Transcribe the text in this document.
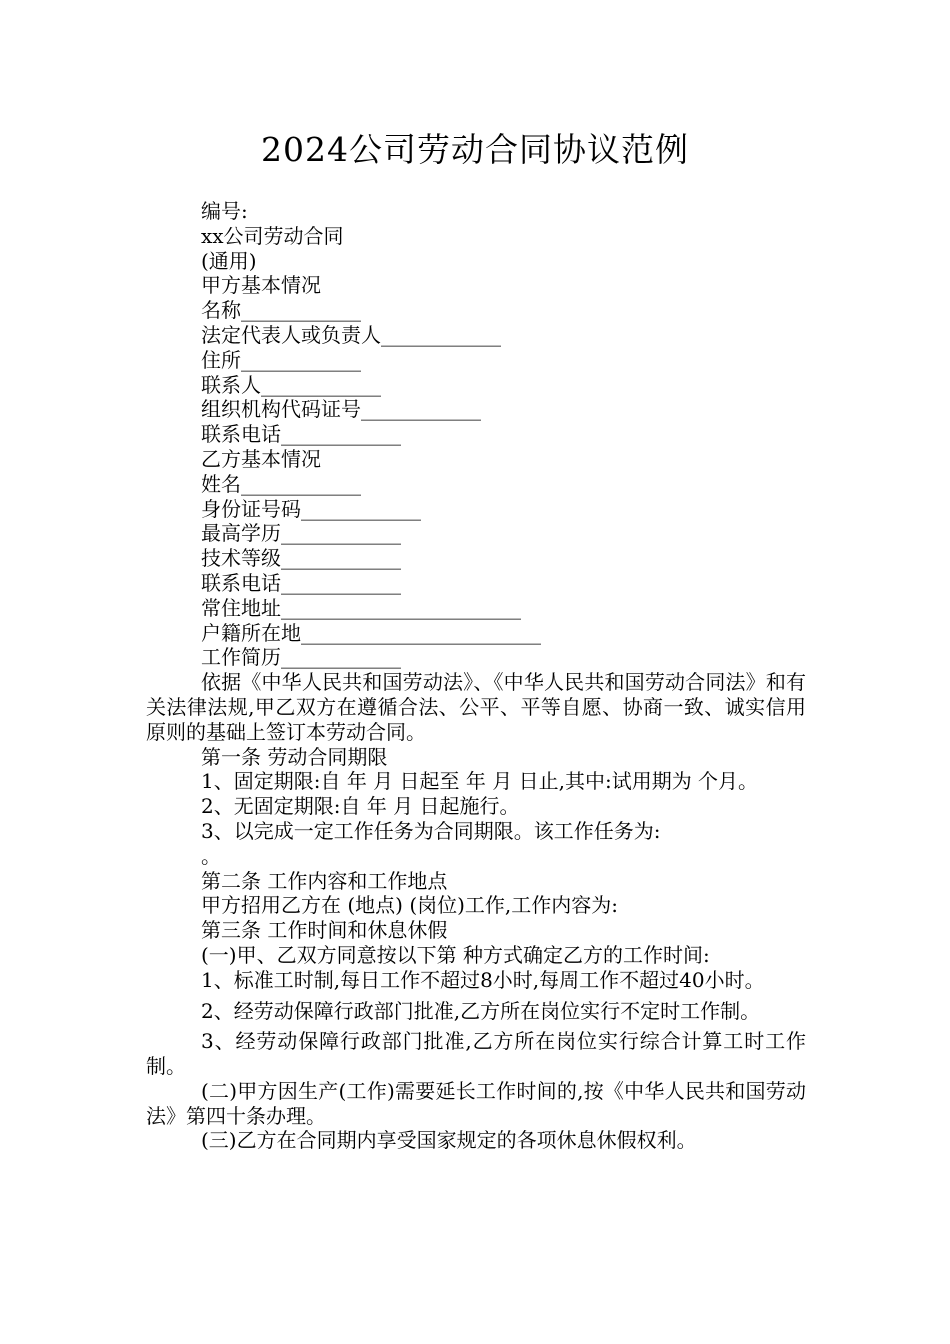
2024公司劳动合同协议范例

编号:

xx公司劳动合同

(通用)

甲方基本情况

名称____________

法定代表人或负责人____________

住所____________

联系人____________

组织机构代码证号____________

联系电话____________

乙方基本情况

姓名____________

身份证号码____________

最高学历____________

技术等级____________

联系电话____________

常住地址________________________

户籍所在地________________________

工作简历____________

依据《中华人民共和国劳动法》、《中华人民共和国劳动合同法》和有关法律法规,甲乙双方在遵循合法、公平、平等自愿、协商一致、诚实信用原则的基础上签订本劳动合同。

第一条 劳动合同期限

1、固定期限:自 年 月 日起至 年 月 日止,其中:试用期为 个月。

2、无固定期限:自 年 月 日起施行。

3、以完成一定工作任务为合同期限。该工作任务为:

。

第二条 工作内容和工作地点

甲方招用乙方在 (地点) (岗位)工作,工作内容为:

第三条 工作时间和休息休假

(一)甲、乙双方同意按以下第 种方式确定乙方的工作时间:

1、标准工时制,每日工作不超过8小时,每周工作不超过40小时。

2、经劳动保障行政部门批准,乙方所在岗位实行不定时工作制。

3、经劳动保障行政部门批准,乙方所在岗位实行综合计算工时工作制。

(二)甲方因生产(工作)需要延长工作时间的,按《中华人民共和国劳动法》第四十条办理。

(三)乙方在合同期内享受国家规定的各项休息休假权利。
